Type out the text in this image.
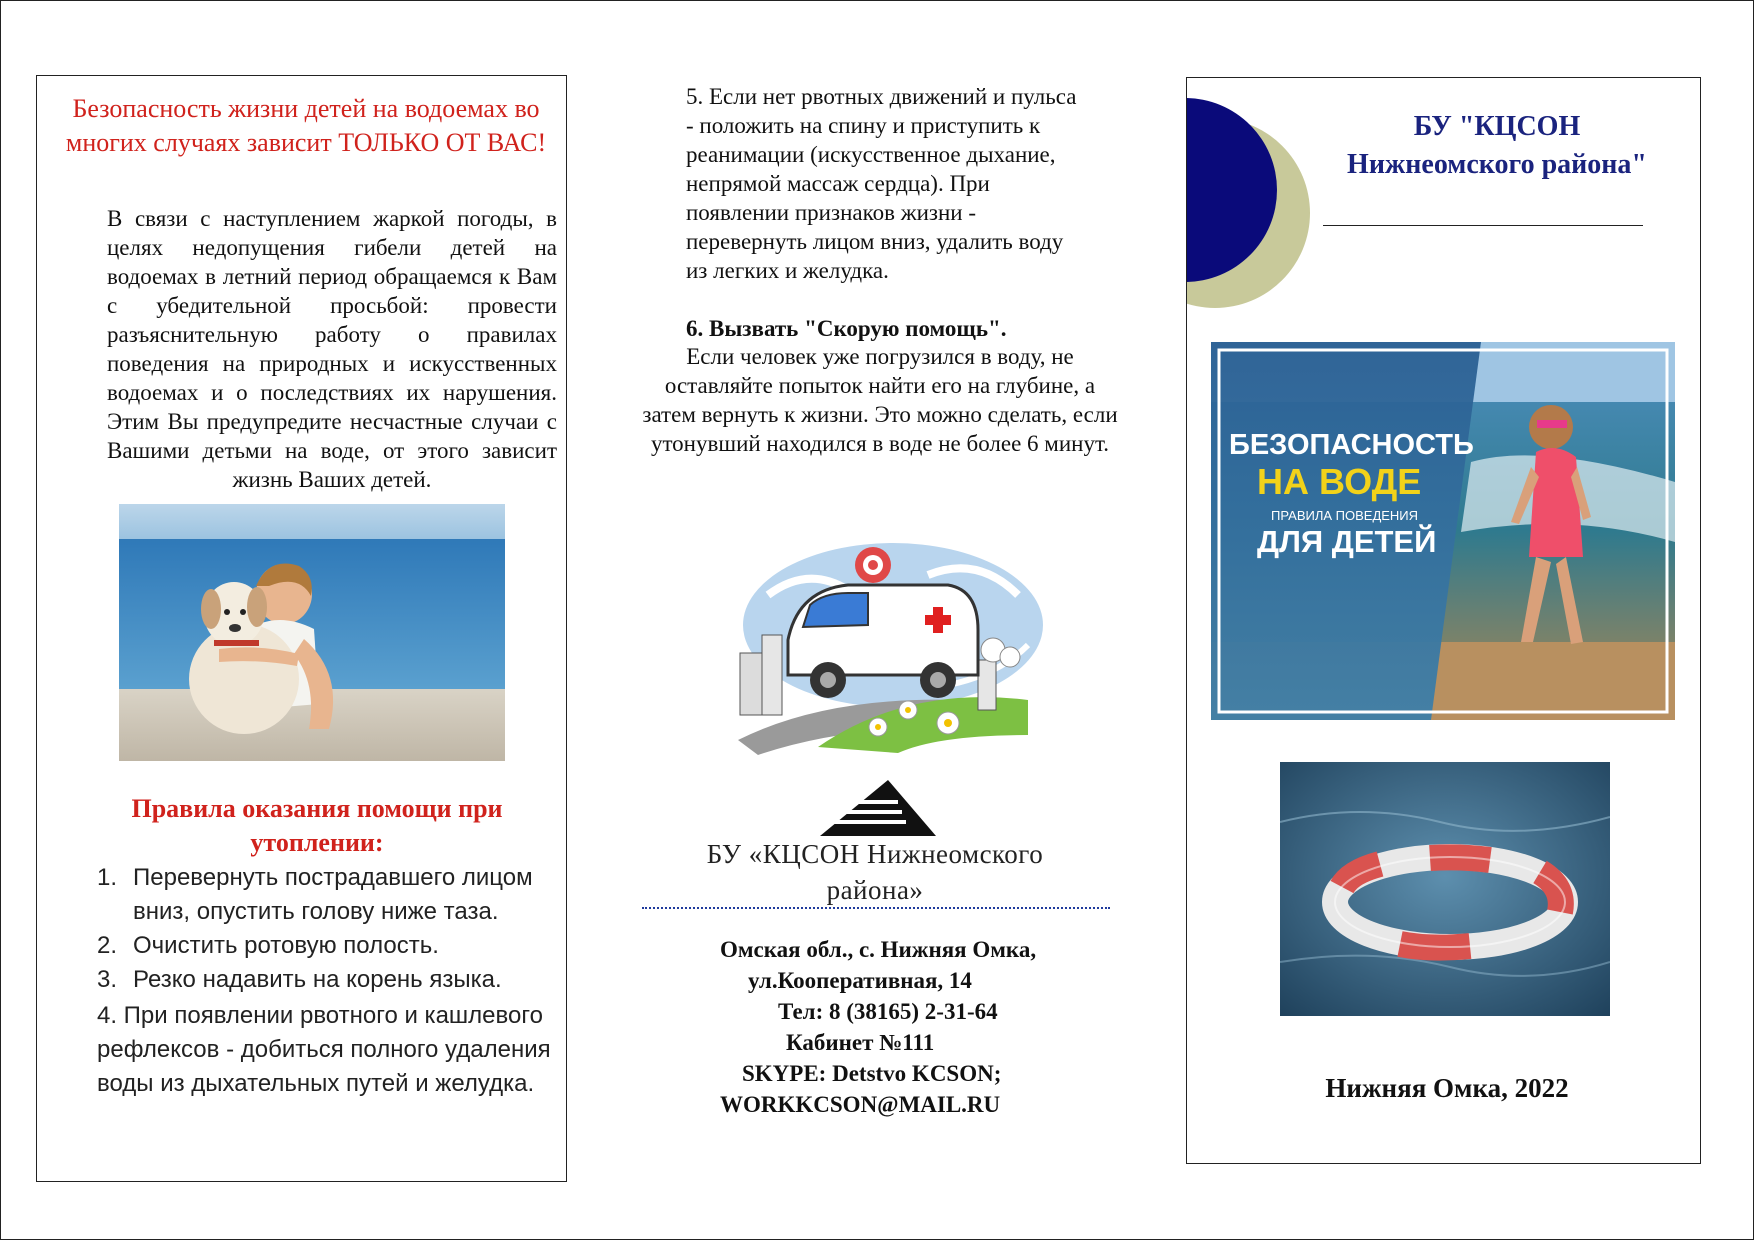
Безопасность жизни детей на водоемах во многих случаях зависит ТОЛЬКО ОТ ВАС!
В связи с наступлением жаркой погоды, в целях недопущения гибели детей на водоемах в летний период обращаемся к Вам с убедительной просьбой: провести разъяснительную работу о правилах поведения на природных и искусственных водоемах и о последствиях их нарушения. Этим Вы предупредите несчастные случаи с Вашими детьми на воде, от этого зависит жизнь Ваших детей.
Правила оказания помощи при утоплении:
1. Перевернуть пострадавшего лицом вниз, опустить голову ниже таза.
2. Очистить ротовую полость.
3. Резко надавить на корень языка.
4. При появлении рвотного и кашлевого рефлексов - добиться полного удаления воды из дыхательных путей и желудка.
5. Если нет рвотных движений и пульса - положить на спину и приступить к реанимации (искусственное дыхание, непрямой массаж сердца). При появлении признаков жизни - перевернуть лицом вниз, удалить воду из легких и желудка.
6. Вызвать "Скорую помощь".
Если человек уже погрузился в воду, не оставляйте попыток найти его на глубине, а затем вернуть к жизни. Это можно сделать, если утонувший находился в воде не более 6 минут.
БУ «КЦСОН Нижнеомского района»
Омская обл., с. Нижняя Омка,
ул.Кооперативная, 14
Тел: 8 (38165) 2-31-64
Кабинет №111
SKYPE: Detstvo KCSON;
WORKKCSON@MAIL.RU
БУ "КЦСОН Нижнеомского района"
БЕЗОПАСНОСТЬ
НА ВОДЕ
ПРАВИЛА ПОВЕДЕНИЯ
ДЛЯ ДЕТЕЙ
Нижняя Омка, 2022
